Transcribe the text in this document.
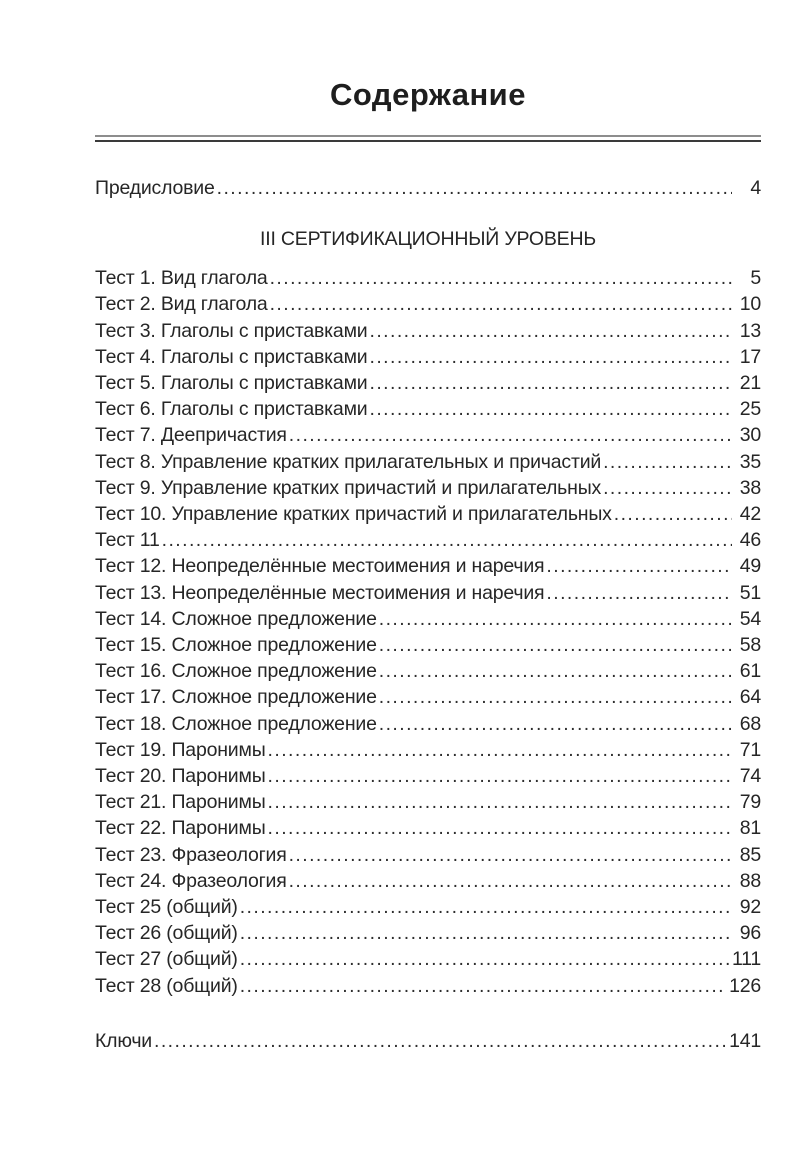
Содержание
Предисловие . . .	4
III СЕРТИФИКАЦИОННЫЙ УРОВЕНЬ
Тест 1. Вид глагола . . .	5
Тест 2. Вид глагола . . .	10
Тест 3. Глаголы с приставками . . .	13
Тест 4. Глаголы с приставками . . .	17
Тест 5. Глаголы с приставками . . .	21
Тест 6. Глаголы с приставками . . .	25
Тест 7. Деепричастия . . .	30
Тест 8. Управление кратких прилагательных и причастий . . .	35
Тест 9. Управление кратких причастий и прилагательных . . .	38
Тест 10. Управление кратких причастий и прилагательных . . .	42
Тест 11 . . .	46
Тест 12. Неопределённые местоимения и наречия . . .	49
Тест 13. Неопределённые местоимения и наречия . . .	51
Тест 14. Сложное предложение . . .	54
Тест 15. Сложное предложение . . .	58
Тест 16. Сложное предложение . . .	61
Тест 17. Сложное предложение . . .	64
Тест 18. Сложное предложение . . .	68
Тест 19. Паронимы . . .	71
Тест 20. Паронимы . . .	74
Тест 21. Паронимы . . .	79
Тест 22. Паронимы . . .	81
Тест 23. Фразеология . . .	85
Тест 24. Фразеология . . .	88
Тест 25 (общий) . . .	92
Тест 26 (общий) . . .	96
Тест 27 (общий) . . .	111
Тест 28 (общий) . . .	126
Ключи . . .	141
